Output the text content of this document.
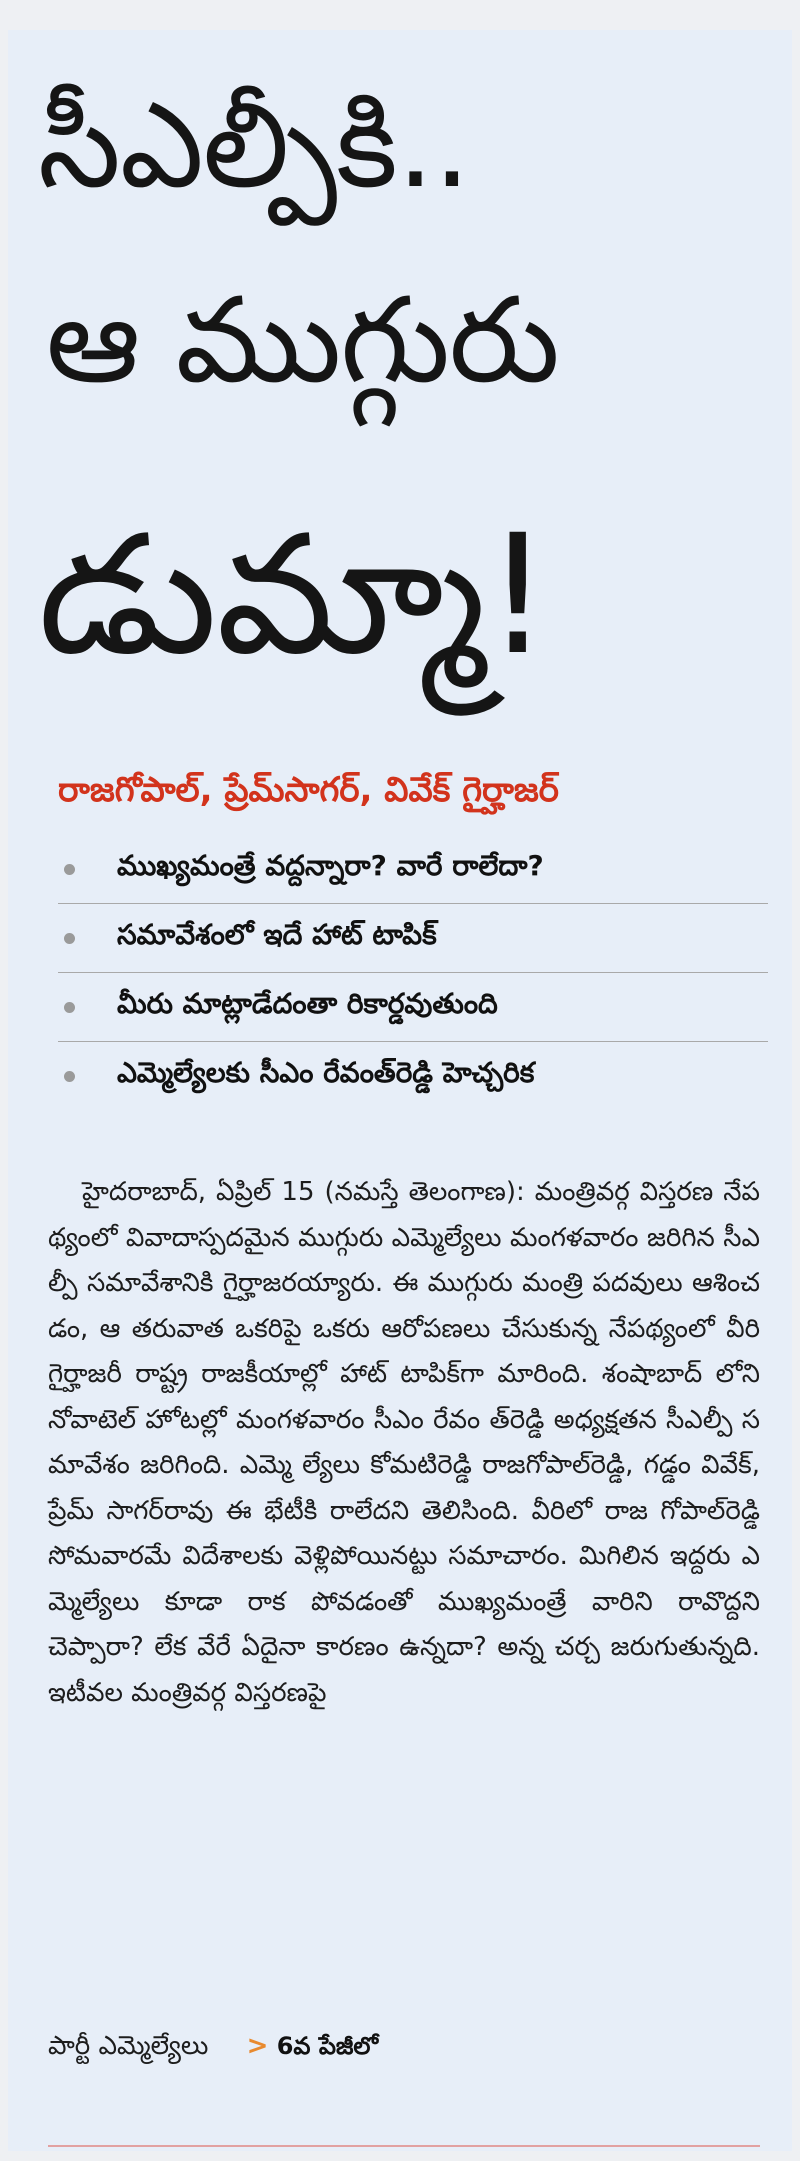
సీఎల్పీకి..
ఆ ముగ్గురు
డుమ్మా!
రాజగోపాల్, ప్రేమ్‌సాగర్, వివేక్ గైర్హాజర్
ముఖ్యమంత్రే వద్దన్నారా? వారే రాలేదా?
సమావేశంలో ఇదే హాట్ టాపిక్
మీరు మాట్లాడేదంతా రికార్డవుతుంది
ఎమ్మెల్యేలకు సీఎం రేవంత్‌రెడ్డి హెచ్చరిక
హైదరాబాద్, ఏప్రిల్ 15 (నమస్తే తెలంగాణ): మంత్రివర్గ విస్తరణ నేపథ్యంలో వివాదాస్పదమైన ముగ్గురు ఎమ్మెల్యేలు మంగళవారం జరిగిన సీఎల్పీ సమావేశానికి గైర్హాజరయ్యారు. ఈ ముగ్గురు మంత్రి పదవులు ఆశించడం, ఆ తరువాత ఒకరిపై ఒకరు ఆరోపణలు చేసుకున్న నేపథ్యంలో వీరి గైర్హాజరీ రాష్ట్ర రాజకీయాల్లో హాట్ టాపిక్‌గా మారింది. శంషాబాద్ లోని నోవాటెల్ హోటల్లో మంగళవారం సీఎం రేవం త్‌రెడ్డి అధ్యక్షతన సీఎల్పీ సమావేశం జరిగింది. ఎమ్మె ల్యేలు కోమటిరెడ్డి రాజగోపాల్‌రెడ్డి, గడ్డం వివేక్, ప్రేమ్ సాగర్‌రావు ఈ భేటీకి రాలేదని తెలిసింది. వీరిలో రాజ గోపాల్‌రెడ్డి సోమవారమే విదేశాలకు వెళ్లిపోయినట్టు సమాచారం. మిగిలిన ఇద్దరు ఎమ్మెల్యేలు కూడా రాక పోవడంతో ముఖ్యమంత్రే వారిని రావొద్దని చెప్పారా? లేక వేరే ఏదైనా కారణం ఉన్నదా? అన్న చర్చ జరుగుతున్నది. ఇటీవల మంత్రివర్గ విస్తరణపై
పార్టీ ఎమ్మెల్యేలు > 6వ పేజీలో
